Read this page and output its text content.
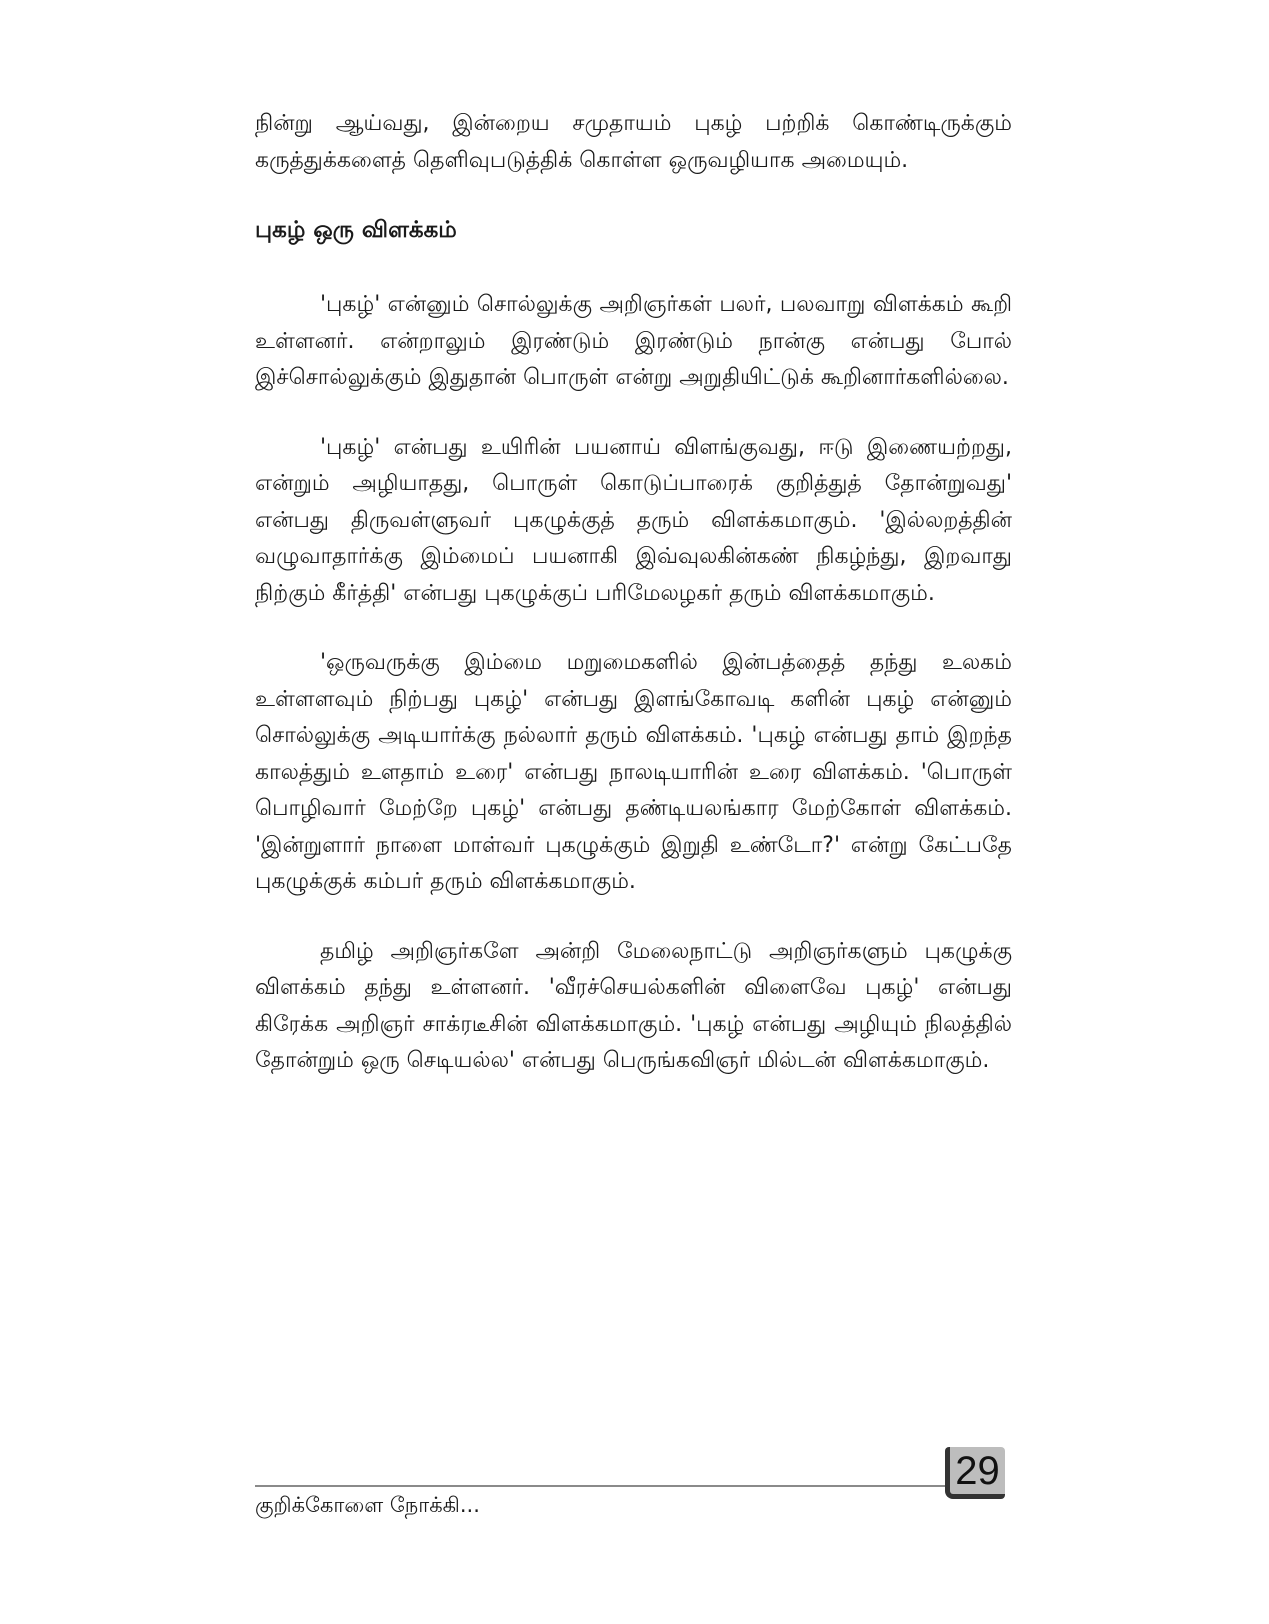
நின்று ஆய்வது, இன்றைய சமுதாயம் புகழ் பற்றிக் கொண்டிருக்கும் கருத்துக்களைத் தெளிவுபடுத்திக் கொள்ள ஒருவழியாக அமையும்.

புகழ் ஒரு விளக்கம்

'புகழ்' என்னும் சொல்லுக்கு அறிஞர்கள் பலர், பலவாறு விளக்கம் கூறி உள்ளனர். என்றாலும் இரண்டும் இரண்டும் நான்கு என்பது போல் இச்சொல்லுக்கும் இதுதான் பொருள் என்று அறுதியிட்டுக் கூறினார்களில்லை.

'புகழ்' என்பது உயிரின் பயனாய் விளங்குவது, ஈடு இணையற்றது, என்றும் அழியாதது, பொருள் கொடுப்பாரைக் குறித்துத் தோன்றுவது' என்பது திருவள்ளுவர் புகழுக்குத் தரும் விளக்கமாகும். 'இல்லறத்தின் வழுவாதார்க்கு இம்மைப் பயனாகி இவ்வுலகின்கண் நிகழ்ந்து, இறவாது நிற்கும் கீர்த்தி' என்பது புகழுக்குப் பரிமேலழகர் தரும் விளக்கமாகும்.

'ஒருவருக்கு இம்மை மறுமைகளில் இன்பத்தைத் தந்து உலகம் உள்ளளவும் நிற்பது புகழ்' என்பது இளங்கோவடி களின் புகழ் என்னும் சொல்லுக்கு அடியார்க்கு நல்லார் தரும் விளக்கம். 'புகழ் என்பது தாம் இறந்த காலத்தும் உளதாம் உரை' என்பது நாலடியாரின் உரை விளக்கம். 'பொருள் பொழிவார் மேற்றே புகழ்' என்பது தண்டியலங்கார மேற்கோள் விளக்கம். 'இன்றுளார் நாளை மாள்வர் புகழுக்கும் இறுதி உண்டோ?' என்று கேட்பதே புகழுக்குக் கம்பர் தரும் விளக்கமாகும்.

தமிழ் அறிஞர்களே அன்றி மேலைநாட்டு அறிஞர்களும் புகழுக்கு விளக்கம் தந்து உள்ளனர். 'வீரச்செயல்களின் விளைவே புகழ்' என்பது கிரேக்க அறிஞர் சாக்ரடீசின் விளக்கமாகும். 'புகழ் என்பது அழியும் நிலத்தில் தோன்றும் ஒரு செடியல்ல' என்பது பெருங்கவிஞர் மில்டன் விளக்கமாகும்.

29
குறிக்கோளை நோக்கி...
